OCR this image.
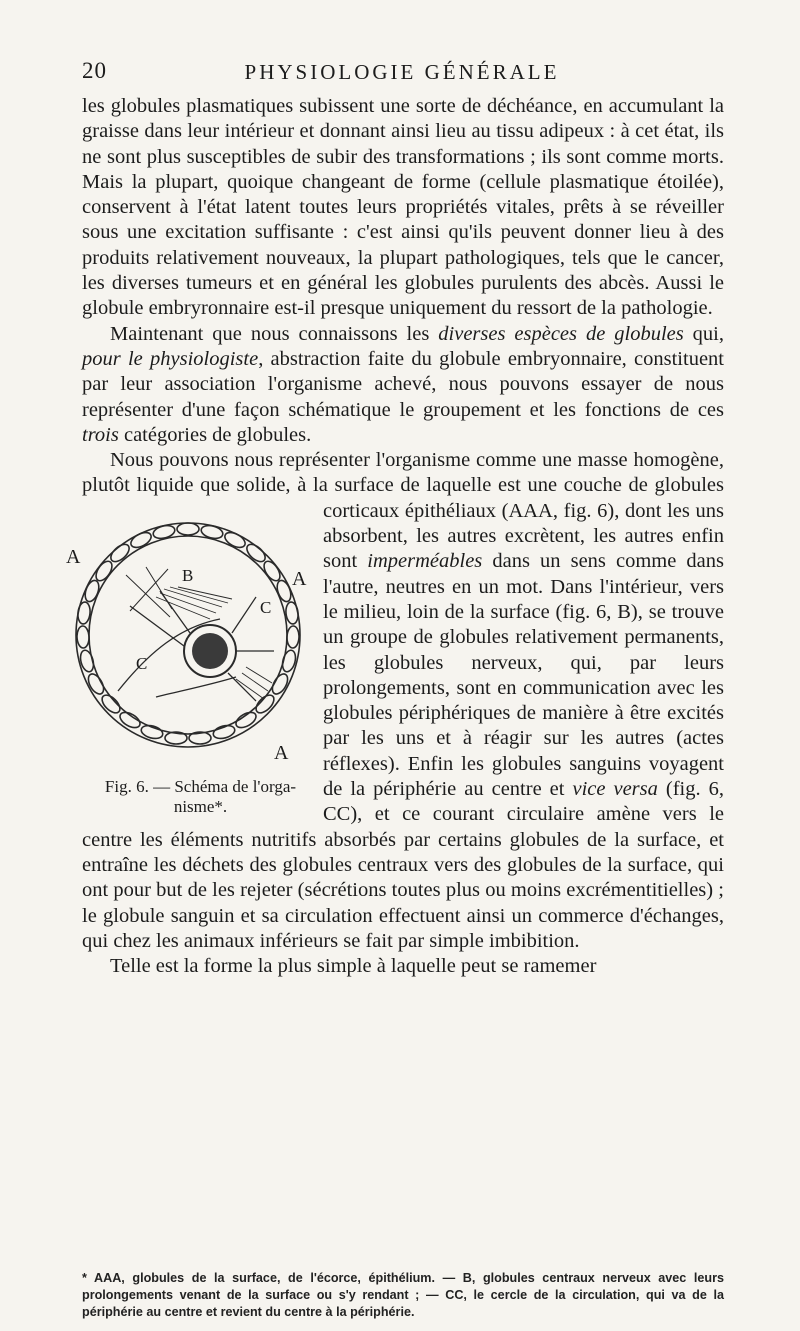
20	PHYSIOLOGIE GÉNÉRALE

les globules plasmatiques subissent une sorte de déchéance, en accumulant la graisse dans leur intérieur et donnant ainsi lieu au tissu adipeux : à cet état, ils ne sont plus susceptibles de subir des transformations ; ils sont comme morts. Mais la plupart, quoique changeant de forme (cellule plasmatique étoilée), conservent à l'état latent toutes leurs propriétés vitales, prêts à se réveiller sous une excitation suffisante : c'est ainsi qu'ils peuvent donner lieu à des produits relativement nouveaux, la plupart pathologiques, tels que le cancer, les diverses tumeurs et en général les globules purulents des abcès. Aussi le globule embryronnaire est-il presque uniquement du ressort de la pathologie.

Maintenant que nous connaissons les diverses espèces de globules qui, pour le physiologiste, abstraction faite du globule embryonnaire, constituent par leur association l'organisme achevé, nous pouvons essayer de nous représenter d'une façon schématique le groupement et les fonctions de ces trois catégories de globules.

Nous pouvons nous représenter l'organisme comme une masse homogène, plutôt liquide que solide, à la surface de laquelle est une
A
A
A
B
C
C
Fig. 6. — Schéma de l'orga-
nisme*.
couche de globules corticaux épithéliaux (AAA, fig. 6), dont les uns absorbent, les autres excrètent, les autres enfin sont imperméables dans un sens comme dans l'autre, neutres en un mot. Dans l'intérieur, vers le milieu, loin de la surface (fig. 6, B), se trouve un groupe de globules relativement permanents, les globules nerveux, qui, par leurs prolongements, sont en communication avec les globules périphériques de manière à être excités par les uns et à réagir sur les autres (actes réflexes). Enfin les globules sanguins voyagent de la périphérie au centre et vice versa (fig. 6, CC), et ce courant circulaire amène vers le centre les éléments nutritifs absorbés par certains globules de la surface, et entraîne les déchets des globules centraux vers des globules de la surface, qui ont pour but de les rejeter (sécrétions toutes plus ou moins excrémentitielles) ; le globule sanguin et sa circulation effectuent ainsi un commerce d'échanges, qui chez les animaux inférieurs se fait par simple imbibition.

Telle est la forme la plus simple à laquelle peut se ramemer

* AAA, globules de la surface, de l'écorce, épithélium. — B, globules centraux nerveux avec leurs prolongements venant de la surface ou s'y rendant ; — CC, le cercle de la circulation, qui va de la périphérie au centre et revient du centre à la périphérie.
